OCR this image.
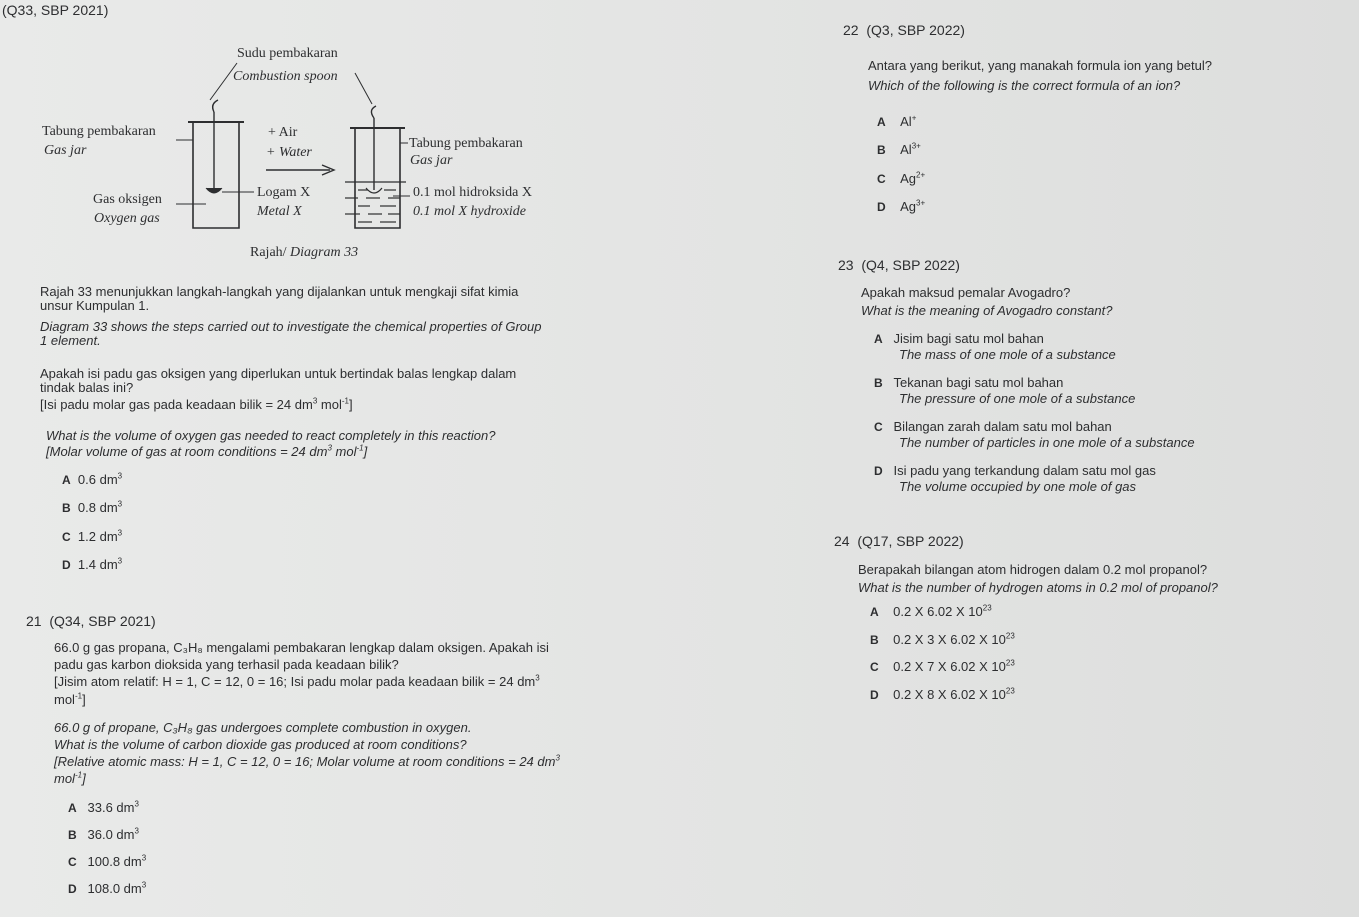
(Q33, SBP 2021)
Sudu pembakaran
Combustion spoon
Tabung pembakaran
Gas jar
Gas oksigen
Oxygen gas
+ Air
+ Water
Logam X
Metal X
Tabung pembakaran
Gas jar
0.1 mol hidroksida X
0.1 mol X hydroxide
Rajah/ Diagram 33
Rajah 33 menunjukkan langkah-langkah yang dijalankan untuk mengkaji sifat kimia
unsur Kumpulan 1.
Diagram 33 shows the steps carried out to investigate the chemical properties of Group
1 element.
Apakah isi padu gas oksigen yang diperlukan untuk bertindak balas lengkap dalam
tindak balas ini?
[Isi padu molar gas pada keadaan bilik = 24 $dm^3$ mol$^{-1}$]
What is the volume of oxygen gas needed to react completely in this reaction?
[Molar volume of gas at room conditions = 24 $dm^3$ mol$^{-1}$]
A 0.6 $dm^3$
B 0.8 $dm^3$
C 1.2 $dm^3$
D 1.4 $dm^3$
21 (Q34, SBP 2021)
66.0 g gas propana, C₃H₈ mengalami pembakaran lengkap dalam oksigen. Apakah isi
padu gas karbon dioksida yang terhasil pada keadaan bilik?
[Jisim atom relatif: H = 1, C = 12, 0 = 16; Isi padu molar pada keadaan bilik = 24 $dm^3$
mol$^{-1}$]
66.0 g of propane, C₃H₈ gas undergoes complete combustion in oxygen.
What is the volume of carbon dioxide gas produced at room conditions?
[Relative atomic mass: H = 1, C = 12, 0 = 16; Molar volume at room conditions = 24 $dm^3$
mol$^{-1}$]
A 33.6 $dm^3$
B 36.0 $dm^3$
C 100.8 $dm^3$
D 108.0 $dm^3$
22 (Q3, SBP 2022)
Antara yang berikut, yang manakah formula ion yang betul?
Which of the following is the correct formula of an ion?
A Al+
B $Al^{3+}$
C $Ag^{2+}$
D $Ag^{3+}$
23 (Q4, SBP 2022)
Apakah maksud pemalar Avogadro?
What is the meaning of Avogadro constant?
A Jisim bagi satu mol bahan
The mass of one mole of a substance
B Tekanan bagi satu mol bahan
The pressure of one mole of a substance
C Bilangan zarah dalam satu mol bahan
The number of particles in one mole of a substance
D Isi padu yang terkandung dalam satu mol gas
The volume occupied by one mole of gas
24 (Q17, SBP 2022)
Berapakah bilangan atom hidrogen dalam 0.2 mol propanol?
What is the number of hydrogen atoms in 0.2 mol of propanol?
A 0.2 X 6.02 X $10^{23}$
B 0.2 X 3 X 6.02 X $10^{23}$
C 0.2 X 7 X 6.02 X $10^{23}$
D 0.2 X 8 X 6.02 X $10^{23}$
